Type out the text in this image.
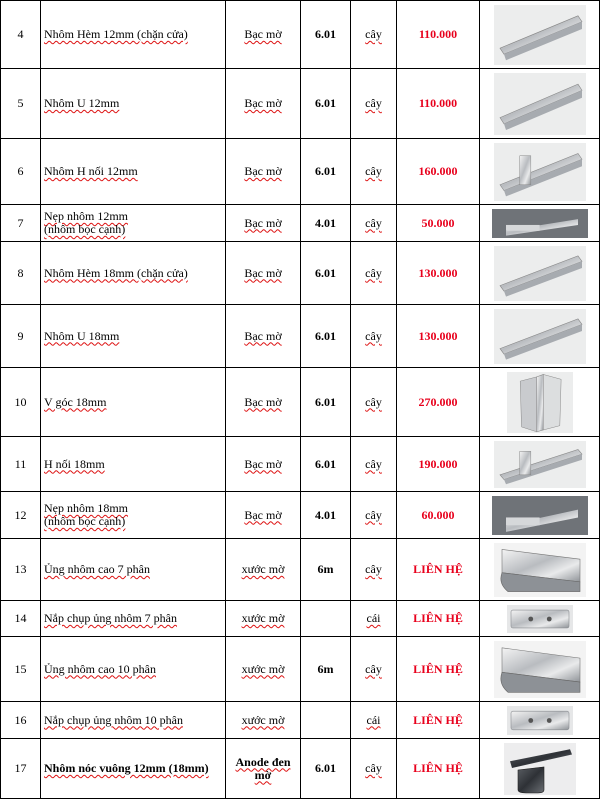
4	Nhôm Hèm 12mm (chặn cửa)	Bạc mờ	6.01	cây	110.000	

5	Nhôm U 12mm	Bạc mờ	6.01	cây	110.000	

6	Nhôm H nối 12mm	Bạc mờ	6.01	cây	160.000	

7	Nẹp nhôm 12mm
(nhôm bọc cạnh)	Bạc mờ	4.01	cây	50.000	

8	Nhôm Hèm 18mm (chặn cửa)	Bạc mờ	6.01	cây	130.000	

9	Nhôm U 18mm	Bạc mờ	6.01	cây	130.000	

10	V góc 18mm	Bạc mờ	6.01	cây	270.000	

11	H nối 18mm	Bạc mờ	6.01	cây	190.000	

12	Nẹp nhôm 18mm
(nhôm bọc cạnh)	Bạc mờ	4.01	cây	60.000	

13	Ủng nhôm cao 7 phân	xước mờ	6m	cây	LIÊN HỆ	

14	Nắp chụp ủng nhôm 7 phân	xước mờ		cái	LIÊN HỆ	

15	Ủng nhôm cao 10 phân	xước mờ	6m	cây	LIÊN HỆ	

16	Nắp chụp ủng nhôm 10 phân	xước mờ		cái	LIÊN HỆ	

17	Nhôm nóc vuông 12mm (18mm)	Anode đen
mờ	6.01	cây	LIÊN HỆ	
